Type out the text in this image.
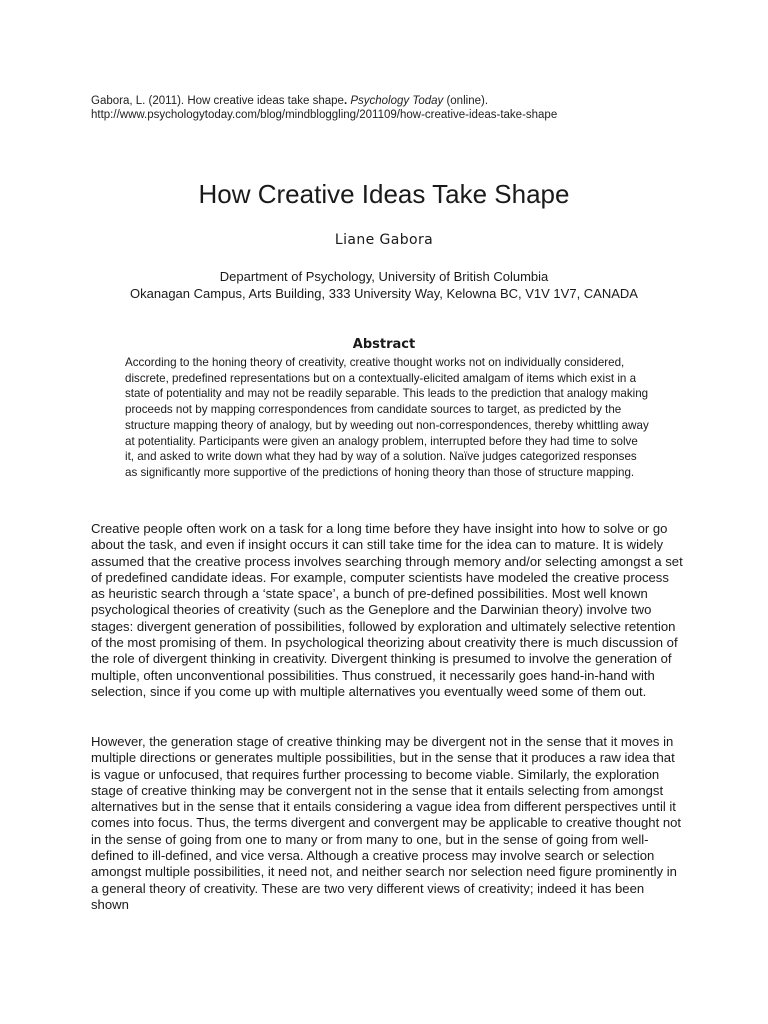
Gabora, L. (2011). How creative ideas take shape. Psychology Today (online).
http://www.psychologytoday.com/blog/mindbloggling/201109/how-creative-ideas-take-shape
How Creative Ideas Take Shape
Liane Gabora
Department of Psychology, University of British Columbia
Okanagan Campus, Arts Building, 333 University Way, Kelowna BC, V1V 1V7, CANADA
Abstract
According to the honing theory of creativity, creative thought works not on individually considered, discrete, predefined representations but on a contextually-elicited amalgam of items which exist in a state of potentiality and may not be readily separable. This leads to the prediction that analogy making proceeds not by mapping correspondences from candidate sources to target, as predicted by the structure mapping theory of analogy, but by weeding out non-correspondences, thereby whittling away at potentiality. Participants were given an analogy problem, interrupted before they had time to solve it, and asked to write down what they had by way of a solution. Naïve judges categorized responses as significantly more supportive of the predictions of honing theory than those of structure mapping.
Creative people often work on a task for a long time before they have insight into how to solve or go about the task, and even if insight occurs it can still take time for the idea can to mature. It is widely assumed that the creative process involves searching through memory and/or selecting amongst a set of predefined candidate ideas. For example, computer scientists have modeled the creative process as heuristic search through a ‘state space’, a bunch of pre-defined possibilities. Most well known psychological theories of creativity (such as the Geneplore and the Darwinian theory) involve two stages: divergent generation of possibilities, followed by exploration and ultimately selective retention of the most promising of them. In psychological theorizing about creativity there is much discussion of the role of divergent thinking in creativity. Divergent thinking is presumed to involve the generation of multiple, often unconventional possibilities. Thus construed, it necessarily goes hand-in-hand with selection, since if you come up with multiple alternatives you eventually weed some of them out.
However, the generation stage of creative thinking may be divergent not in the sense that it moves in multiple directions or generates multiple possibilities, but in the sense that it produces a raw idea that is vague or unfocused, that requires further processing to become viable. Similarly, the exploration stage of creative thinking may be convergent not in the sense that it entails selecting from amongst alternatives but in the sense that it entails considering a vague idea from different perspectives until it comes into focus. Thus, the terms divergent and convergent may be applicable to creative thought not in the sense of going from one to many or from many to one, but in the sense of going from well-defined to ill-defined, and vice versa. Although a creative process may involve search or selection amongst multiple possibilities, it need not, and neither search nor selection need figure prominently in a general theory of creativity. These are two very different views of creativity; indeed it has been shown
